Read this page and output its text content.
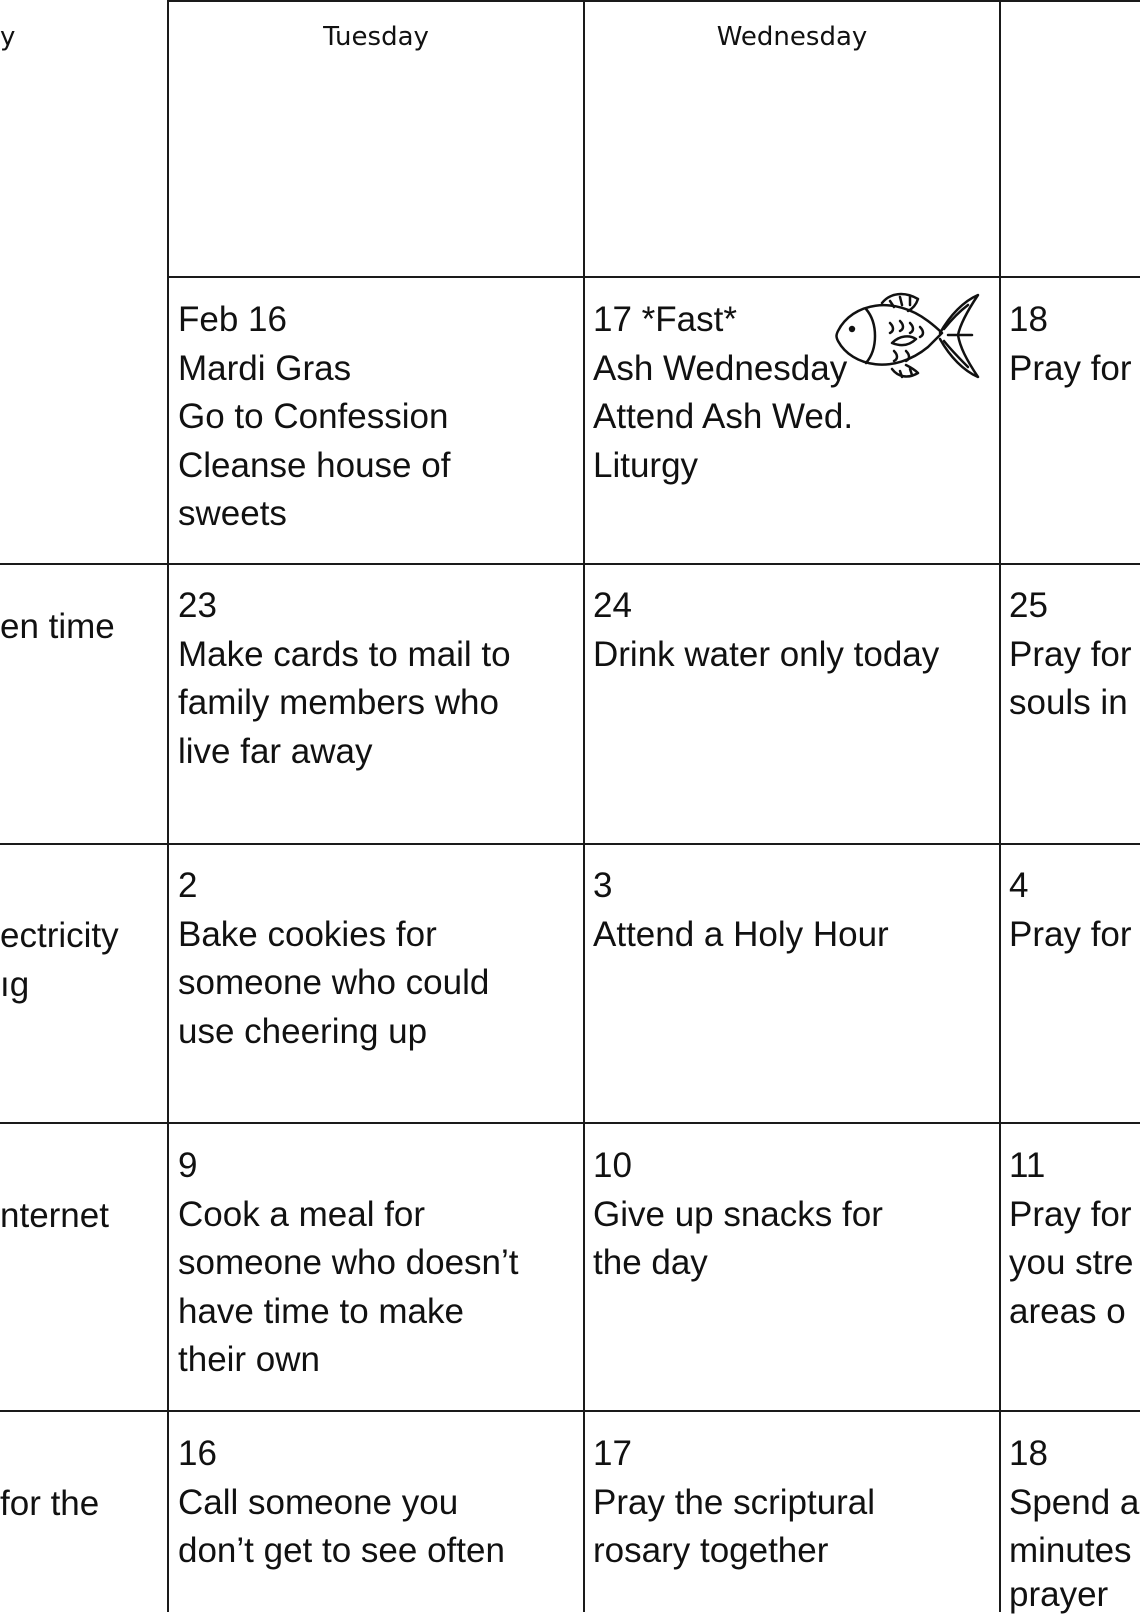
y	Tuesday	Wednesday
Feb 16
Mardi Gras
Go to Confession
Cleanse house of
sweets
17 *Fast*
Ash Wednesday
Attend Ash Wed.
Liturgy
18
Pray for
en time
23
Make cards to mail to
family members who
live far away
24
Drink water only today
25
Pray for
souls in
ectricity
ıg
2
Bake cookies for
someone who could
use cheering up
3
Attend a Holy Hour
4
Pray for
nternet
9
Cook a meal for
someone who doesn’t
have time to make
their own
10
Give up snacks for
the day
11
Pray for
you stre
areas o
for the
16
Call someone you
don’t get to see often
17
Pray the scriptural
rosary together
18
Spend a
minutes
prayer
